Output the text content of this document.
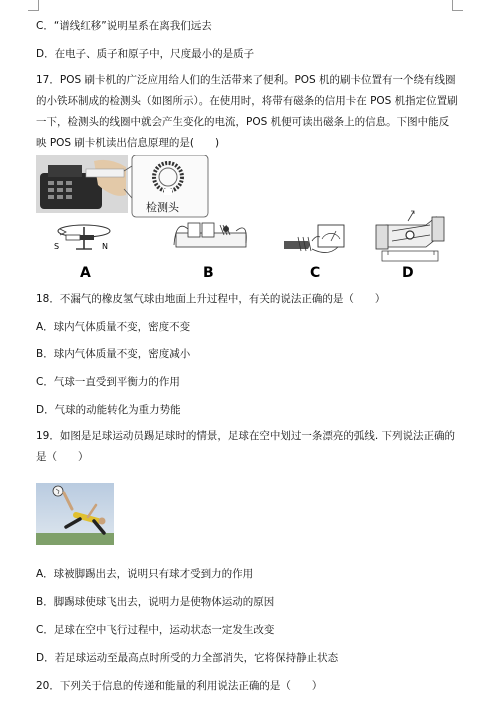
C．“谱线红移”说明星系在离我们远去
D．在电子、质子和原子中，尺度最小的是质子
17．POS 刷卡机的广泛应用给人们的生活带来了便利。POS 机的刷卡位置有一个绕有线圈
的小铁环制成的检测头（如图所示）。在使用时，将带有磁条的信用卡在 POS 机指定位置刷
一下，检测头的线圈中就会产生变化的电流，POS 机便可读出磁条上的信息。下图中能反
映 POS 刷卡机读出信息原理的是(　　)
检测头
S	N
A	B	C	D
18．不漏气的橡皮氢气球由地面上升过程中，有关的说法正确的是（　　）
A．球内气体质量不变，密度不变
B．球内气体质量不变，密度减小
C．气球一直受到平衡力的作用
D．气球的动能转化为重力势能
19．如图是足球运动员踢足球时的情景，足球在空中划过一条漂亮的弧线. 下列说法正确的
是（　　）
A．球被脚踢出去，说明只有球才受到力的作用
B．脚踢球使球飞出去，说明力是使物体运动的原因
C．足球在空中飞行过程中，运动状态一定发生改变
D．若足球运动至最高点时所受的力全部消失，它将保持静止状态
20．下列关于信息的传递和能量的利用说法正确的是（　　）
